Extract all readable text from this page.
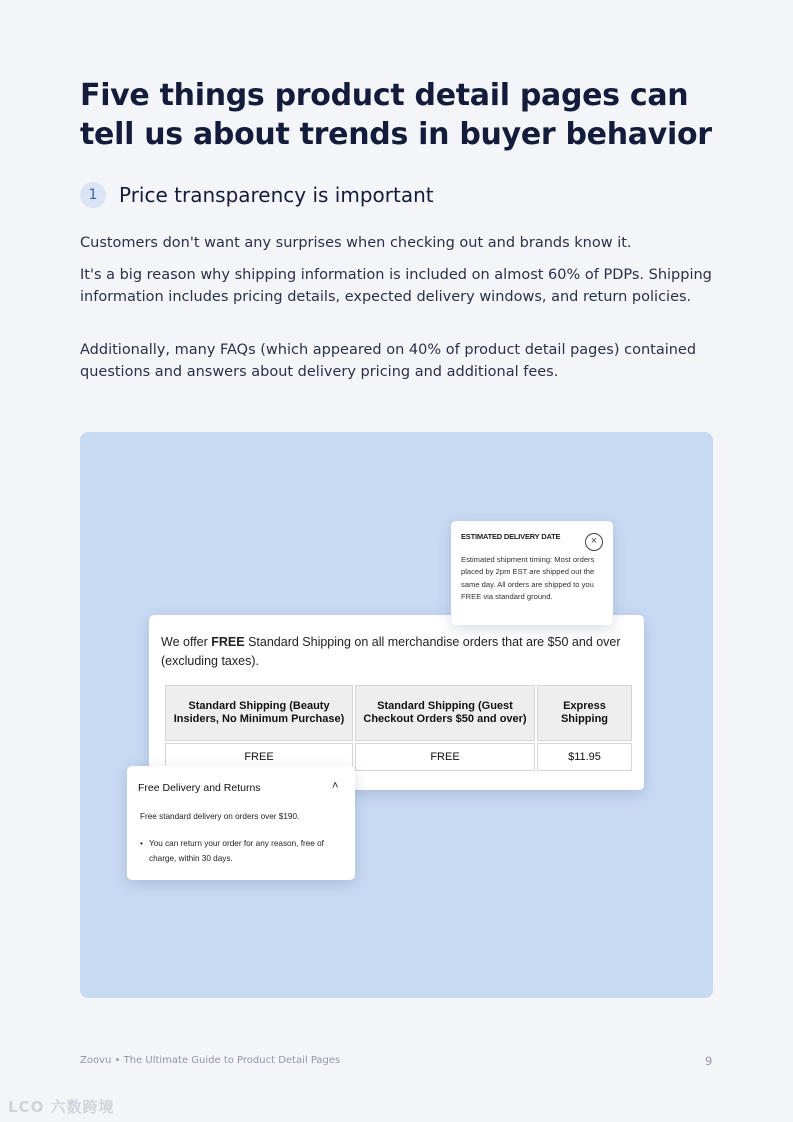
Five things product detail pages can tell us about trends in buyer behavior
1	Price transparency is important

Customers don't want any surprises when checking out and brands know it.

It's a big reason why shipping information is included on almost 60% of PDPs. Shipping information includes pricing details, expected delivery windows, and return policies.

Additionally, many FAQs (which appeared on 40% of product detail pages) contained questions and answers about delivery pricing and additional fees.

We offer FREE Standard Shipping on all merchandise orders that are $50 and over (excluding taxes).

Standard Shipping (Beauty Insiders, No Minimum Purchase)	Standard Shipping (Guest Checkout Orders $50 and over)	Express Shipping
FREE	FREE	$11.95
ESTIMATED DELIVERY DATE	×
Estimated shipment timing: Most orders placed by 2pm EST are shipped out the same day. All orders are shipped to you FREE via standard ground.
Free Delivery and Returns	˄
Free standard delivery on orders over $190.
• You can return your order for any reason, free of charge, within 30 days.
Zoovu • The Ultimate Guide to Product Detail Pages	9
LCO 六数跨境
